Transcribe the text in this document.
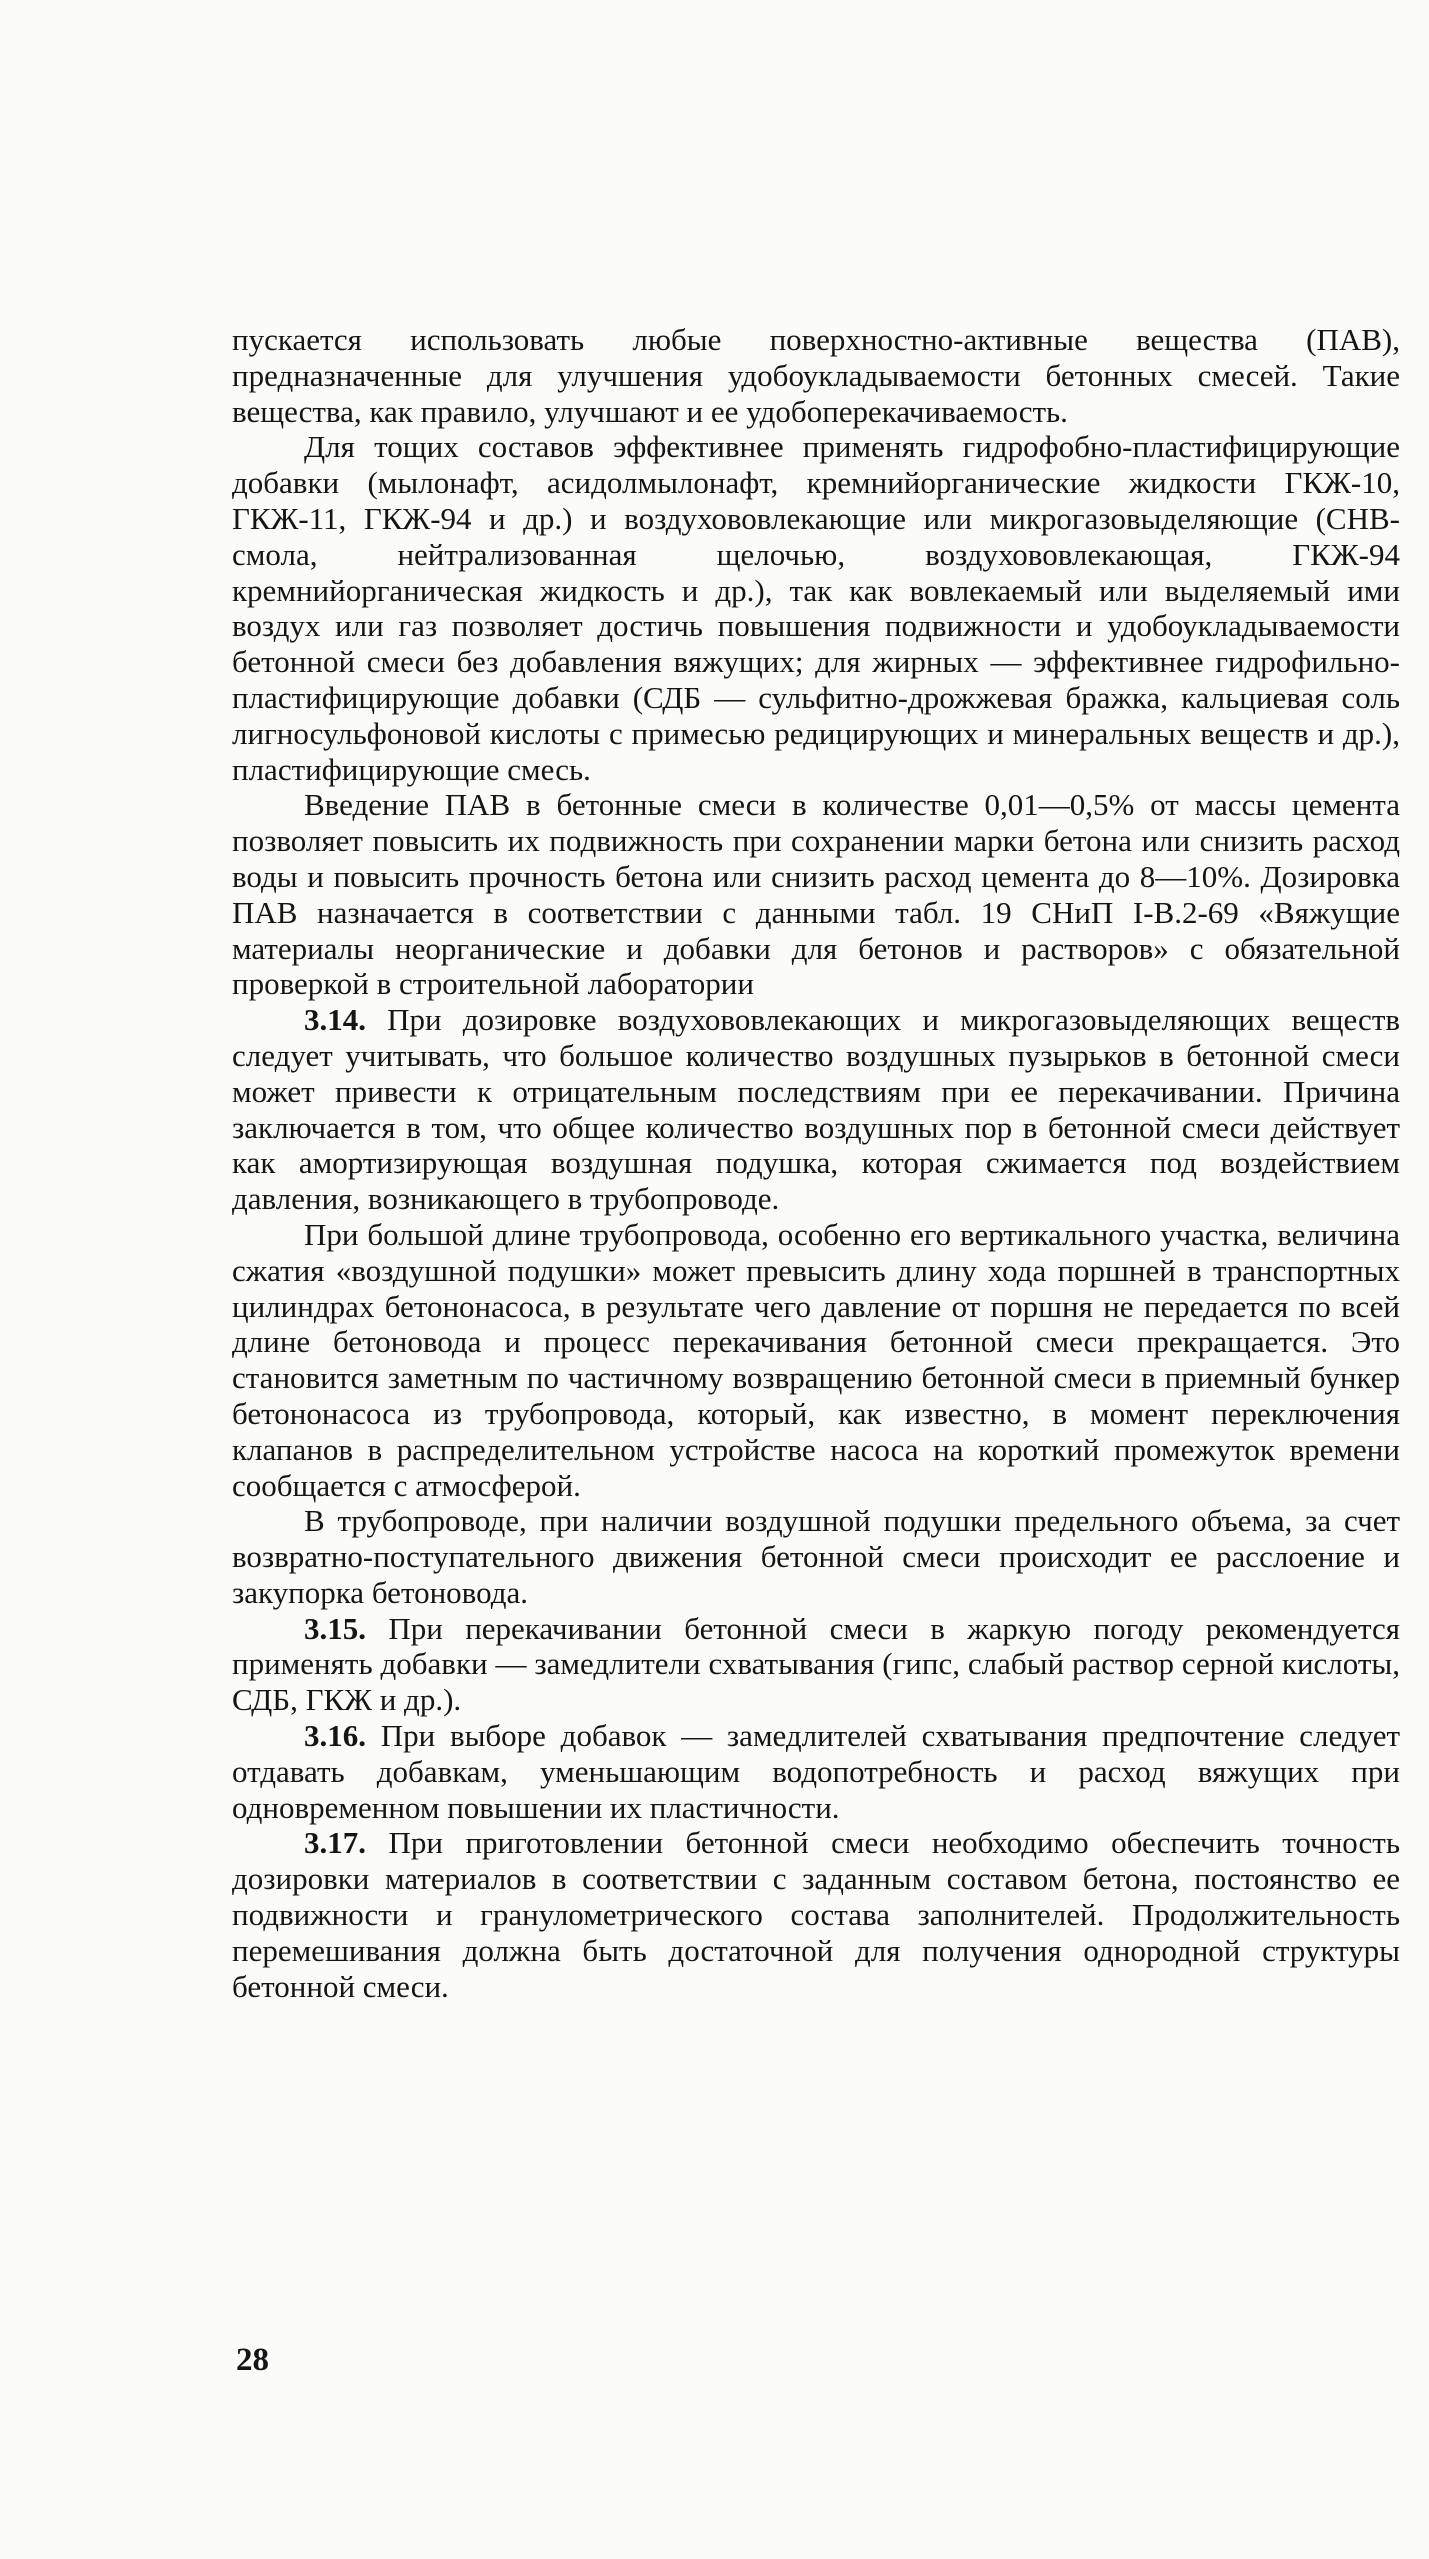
пускается использовать любые поверхностно-активные вещества (ПАВ), предназначенные для улучшения удобоукладываемости бетонных смесей. Такие вещества, как правило, улучшают и ее удобоперекачиваемость.

Для тощих составов эффективнее применять гидрофобно-пластифицирующие добавки (мылонафт, асидолмылонафт, кремнийорганические жидкости ГКЖ-10, ГКЖ-11, ГКЖ-94 и др.) и воздухововлекающие или микрогазовыделяющие (СНВ-смола, нейтрализованная щелочью, воздухововлекающая, ГКЖ-94 кремнийорганическая жидкость и др.), так как вовлекаемый или выделяемый ими воздух или газ позволяет достичь повышения подвижности и удобоукладываемости бетонной смеси без добавления вяжущих; для жирных — эффективнее гидрофильно-пластифицирующие добавки (СДБ — сульфитно-дрожжевая бражка, кальциевая соль лигносульфоновой кислоты с примесью редицирующих и минеральных веществ и др.), пластифицирующие смесь.

Введение ПАВ в бетонные смеси в количестве 0,01—0,5% от массы цемента позволяет повысить их подвижность при сохранении марки бетона или снизить расход воды и повысить прочность бетона или снизить расход цемента до 8—10%. Дозировка ПАВ назначается в соответствии с данными табл. 19 СНиП I-В.2-69 «Вяжущие материалы неорганические и добавки для бетонов и растворов» с обязательной проверкой в строительной лаборатории

3.14. При дозировке воздухововлекающих и микрогазовыделяющих веществ следует учитывать, что большое количество воздушных пузырьков в бетонной смеси может привести к отрицательным последствиям при ее перекачивании. Причина заключается в том, что общее количество воздушных пор в бетонной смеси действует как амортизирующая воздушная подушка, которая сжимается под воздействием давления, возникающего в трубопроводе.

При большой длине трубопровода, особенно его вертикального участка, величина сжатия «воздушной подушки» может превысить длину хода поршней в транспортных цилиндрах бетононасоса, в результате чего давление от поршня не передается по всей длине бетоновода и процесс перекачивания бетонной смеси прекращается. Это становится заметным по частичному возвращению бетонной смеси в приемный бункер бетононасоса из трубопровода, который, как известно, в момент переключения клапанов в распределительном устройстве насоса на короткий промежуток времени сообщается с атмосферой.

В трубопроводе, при наличии воздушной подушки предельного объема, за счет возвратно-поступательного движения бетонной смеси происходит ее расслоение и закупорка бетоновода.

3.15. При перекачивании бетонной смеси в жаркую погоду рекомендуется применять добавки — замедлители схватывания (гипс, слабый раствор серной кислоты, СДБ, ГКЖ и др.).

3.16. При выборе добавок — замедлителей схватывания предпочтение следует отдавать добавкам, уменьшающим водопотребность и расход вяжущих при одновременном повышении их пластичности.

3.17. При приготовлении бетонной смеси необходимо обеспечить точность дозировки материалов в соответствии с заданным составом бетона, постоянство ее подвижности и гранулометрического состава заполнителей. Продолжительность перемешивания должна быть достаточной для получения однородной структуры бетонной смеси.

28
